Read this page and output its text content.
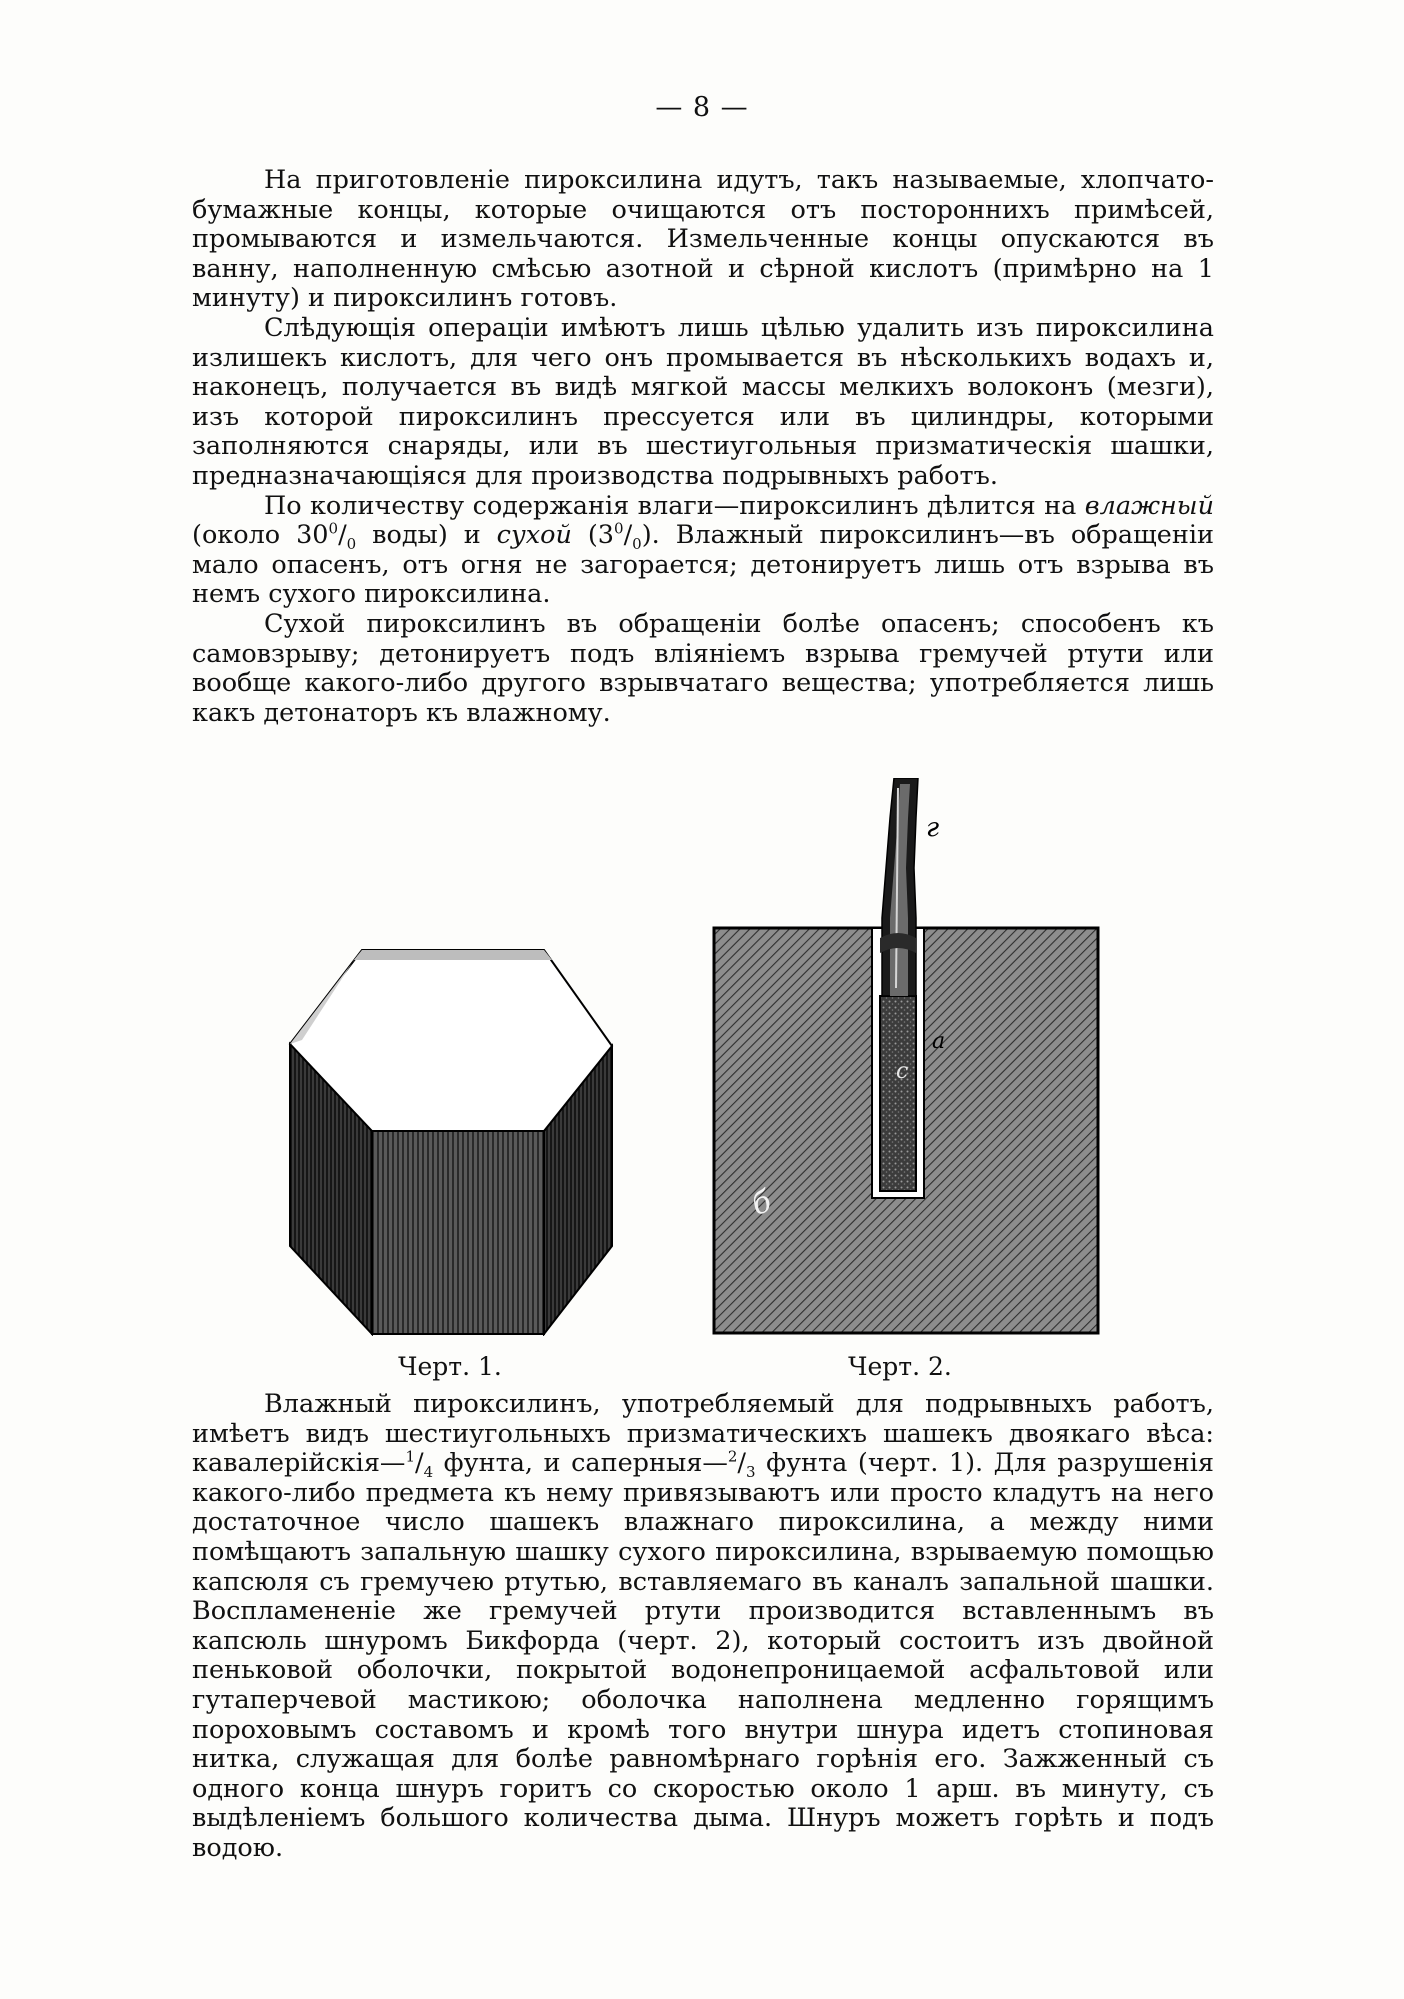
— 8 —

На приготовленіе пироксилина идутъ, такъ называемые, хлопчато-бумажные концы, которые очищаются отъ постороннихъ примѣсей, промываются и измельчаются. Измельченные концы опускаются въ ванну, наполненную смѣсью азотной и сѣрной кислотъ (примѣрно на 1 минуту) и пироксилинъ готовъ.

Слѣдующія операціи имѣютъ лишь цѣлью удалить изъ пироксилина излишекъ кислотъ, для чего онъ промывается въ нѣсколькихъ водахъ и, наконецъ, получается въ видѣ мягкой массы мелкихъ волоконъ (мезги), изъ которой пироксилинъ прессуется или въ цилиндры, которыми заполняются снаряды, или въ шестиугольныя призматическія шашки, предназначающіяся для производства подрывныхъ работъ.

По количеству содержанія влаги—пироксилинъ дѣлится на влажный (около $30^0/_0$ воды) и сухой $(3^0/_0)$. Влажный пироксилинъ—въ обращеніи мало опасенъ, отъ огня не загорается; детонируетъ лишь отъ взрыва въ немъ сухого пироксилина.

Сухой пироксилинъ въ обращеніи болѣе опасенъ; способенъ къ самовзрыву; детонируетъ подъ вліяніемъ взрыва гремучей ртути или вообще какого-либо другого взрывчатаго вещества; употребляется лишь какъ детонаторъ къ влажному.

г
а
с
б
Черт. 1.	Черт. 2.

Влажный пироксилинъ, употребляемый для подрывныхъ работъ, имѣетъ видъ шестиугольныхъ призматическихъ шашекъ двоякаго вѣса: $кавалерійскія—^1/_4$ фунта, и $саперныя—^2/_3$ фунта (черт. 1). Для разрушенія какого-либо предмета къ нему привязываютъ или просто кладутъ на него достаточное число шашекъ влажнаго пироксилина, а между ними помѣщаютъ запальную шашку сухого пироксилина, взрываемую помощью капсюля съ гремучею ртутью, вставляемаго въ каналъ запальной шашки. Воспламененіе же гремучей ртути производится вставленнымъ въ капсюль шнуромъ Бикфорда (черт. 2), который состоитъ изъ двойной пеньковой оболочки, покрытой водонепроницаемой асфальтовой или гутаперчевой мастикою; оболочка наполнена медленно горящимъ пороховымъ составомъ и кромѣ того внутри шнура идетъ стопиновая нитка, служащая для болѣе равномѣрнаго горѣнія его. Зажженный съ одного конца шнуръ горитъ со скоростью около 1 арш. въ минуту, съ выдѣленіемъ большого количества дыма. Шнуръ можетъ горѣть и подъ водою.
